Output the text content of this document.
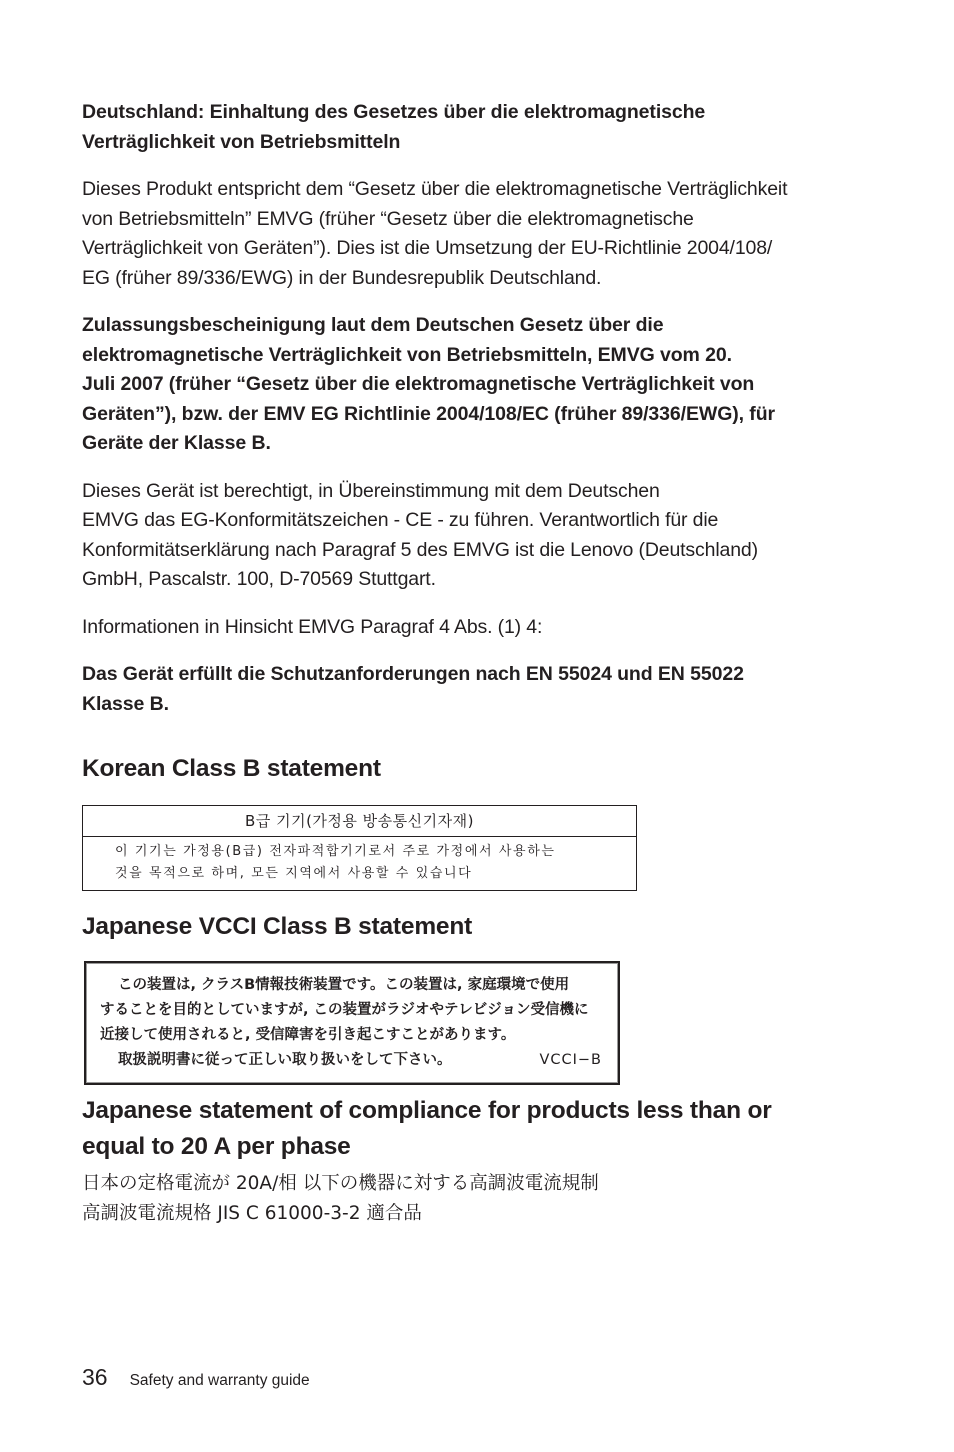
Deutschland: Einhaltung des Gesetzes über die elektromagnetische
Verträglichkeit von Betriebsmitteln

Dieses Produkt entspricht dem “Gesetz über die elektromagnetische Verträglichkeit
von Betriebsmitteln” EMVG (früher “Gesetz über die elektromagnetische
Verträglichkeit von Geräten”). Dies ist die Umsetzung der EU-Richtlinie 2004/108/
EG (früher 89/336/EWG) in der Bundesrepublik Deutschland.

Zulassungsbescheinigung laut dem Deutschen Gesetz über die
elektromagnetische Verträglichkeit von Betriebsmitteln, EMVG vom 20.
Juli 2007 (früher “Gesetz über die elektromagnetische Verträglichkeit von
Geräten”), bzw. der EMV EG Richtlinie 2004/108/EC (früher 89/336/EWG), für
Geräte der Klasse B.

Dieses Gerät ist berechtigt, in Übereinstimmung mit dem Deutschen
EMVG das EG-Konformitätszeichen - CE - zu führen. Verantwortlich für die
Konformitätserklärung nach Paragraf 5 des EMVG ist die Lenovo (Deutschland)
GmbH, Pascalstr. 100, D-70569 Stuttgart.

Informationen in Hinsicht EMVG Paragraf 4 Abs. (1) 4:

Das Gerät erfüllt die Schutzanforderungen nach EN 55024 und EN 55022
Klasse B.

Korean Class B statement
B급 기기(가정용 방송통신기자재)
이 기기는 가정용(B급) 전자파적합기기로서 주로 가정에서 사용하는
것을 목적으로 하며, 모든 지역에서 사용할 수 있습니다
Japanese VCCI Class B statement
この装置は, クラスB情報技術装置です。この装置は, 家庭環境で使用
することを目的としていますが, この装置がラジオやテレビジョン受信機に
近接して使用されると, 受信障害を引き起こすことがあります。
取扱説明書に従って正しい取り扱いをして下さい。	VCCI−B
Japanese statement of compliance for products less than or
equal to 20 A per phase
日本の定格電流が 20A/相 以下の機器に対する高調波電流規制
高調波電流規格 JIS C 61000-3-2 適合品
36 Safety and warranty guide
